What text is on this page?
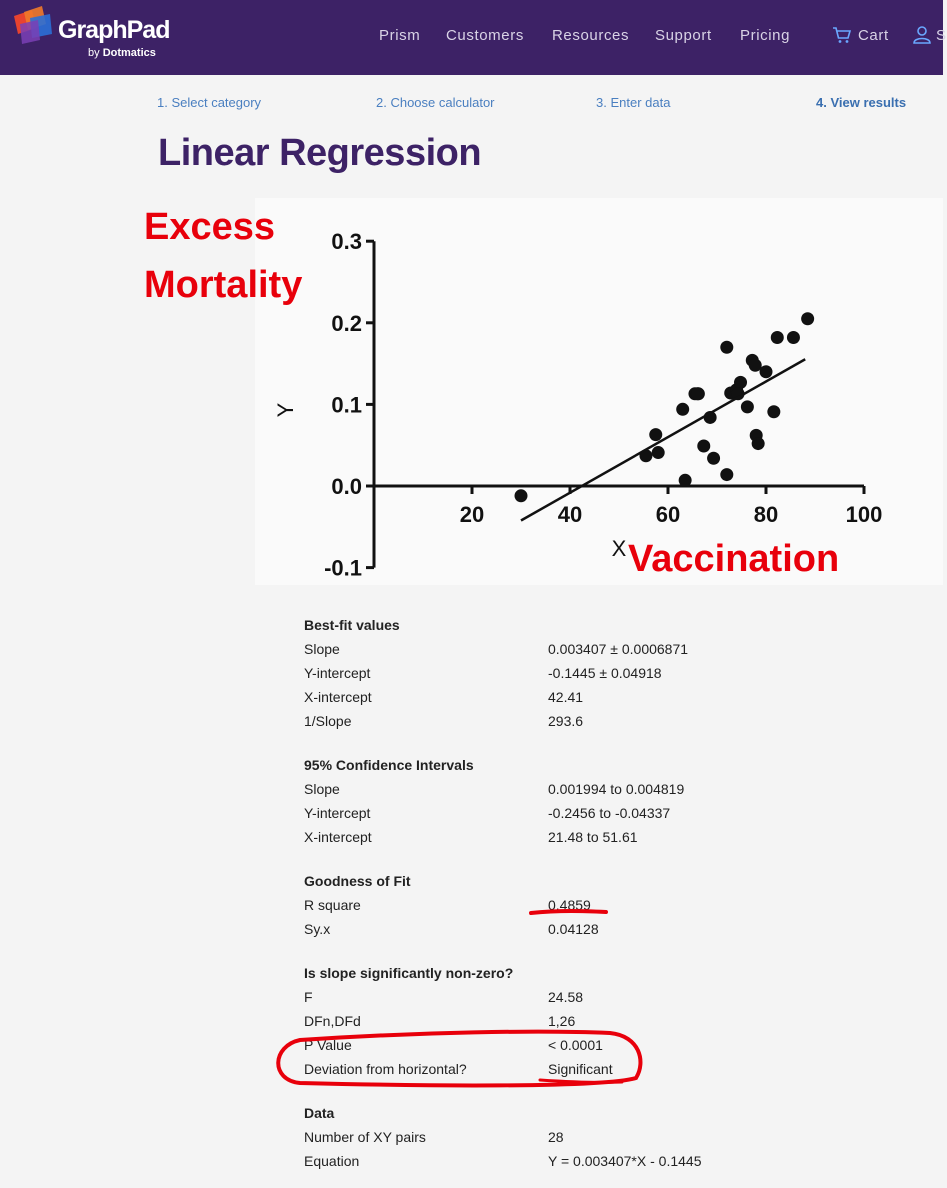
GraphPad
by Dotmatics
Prism Customers Resources Support Pricing	Cart	S
1. Select category	2. Choose calculator	3. Enter data	4. View results
Linear Regression
-0.1
0.0
0.1
0.2
0.3
20	40	60	80	100
Y
X
Excess
Mortality
Vaccination
Best-fit values
Slope	0.003407 ± 0.0006871
Y-intercept	-0.1445 ± 0.04918
X-intercept	42.41
1/Slope	293.6
95% Confidence Intervals
Slope	0.001994 to 0.004819
Y-intercept	-0.2456 to -0.04337
X-intercept	21.48 to 51.61
Goodness of Fit
R square	0.4859
Sy.x	0.04128
Is slope significantly non-zero?
F	24.58
DFn,DFd	1,26
P Value	< 0.0001
Deviation from horizontal?	Significant
Data
Number of XY pairs	28
Equation	Y = 0.003407*X - 0.1445
